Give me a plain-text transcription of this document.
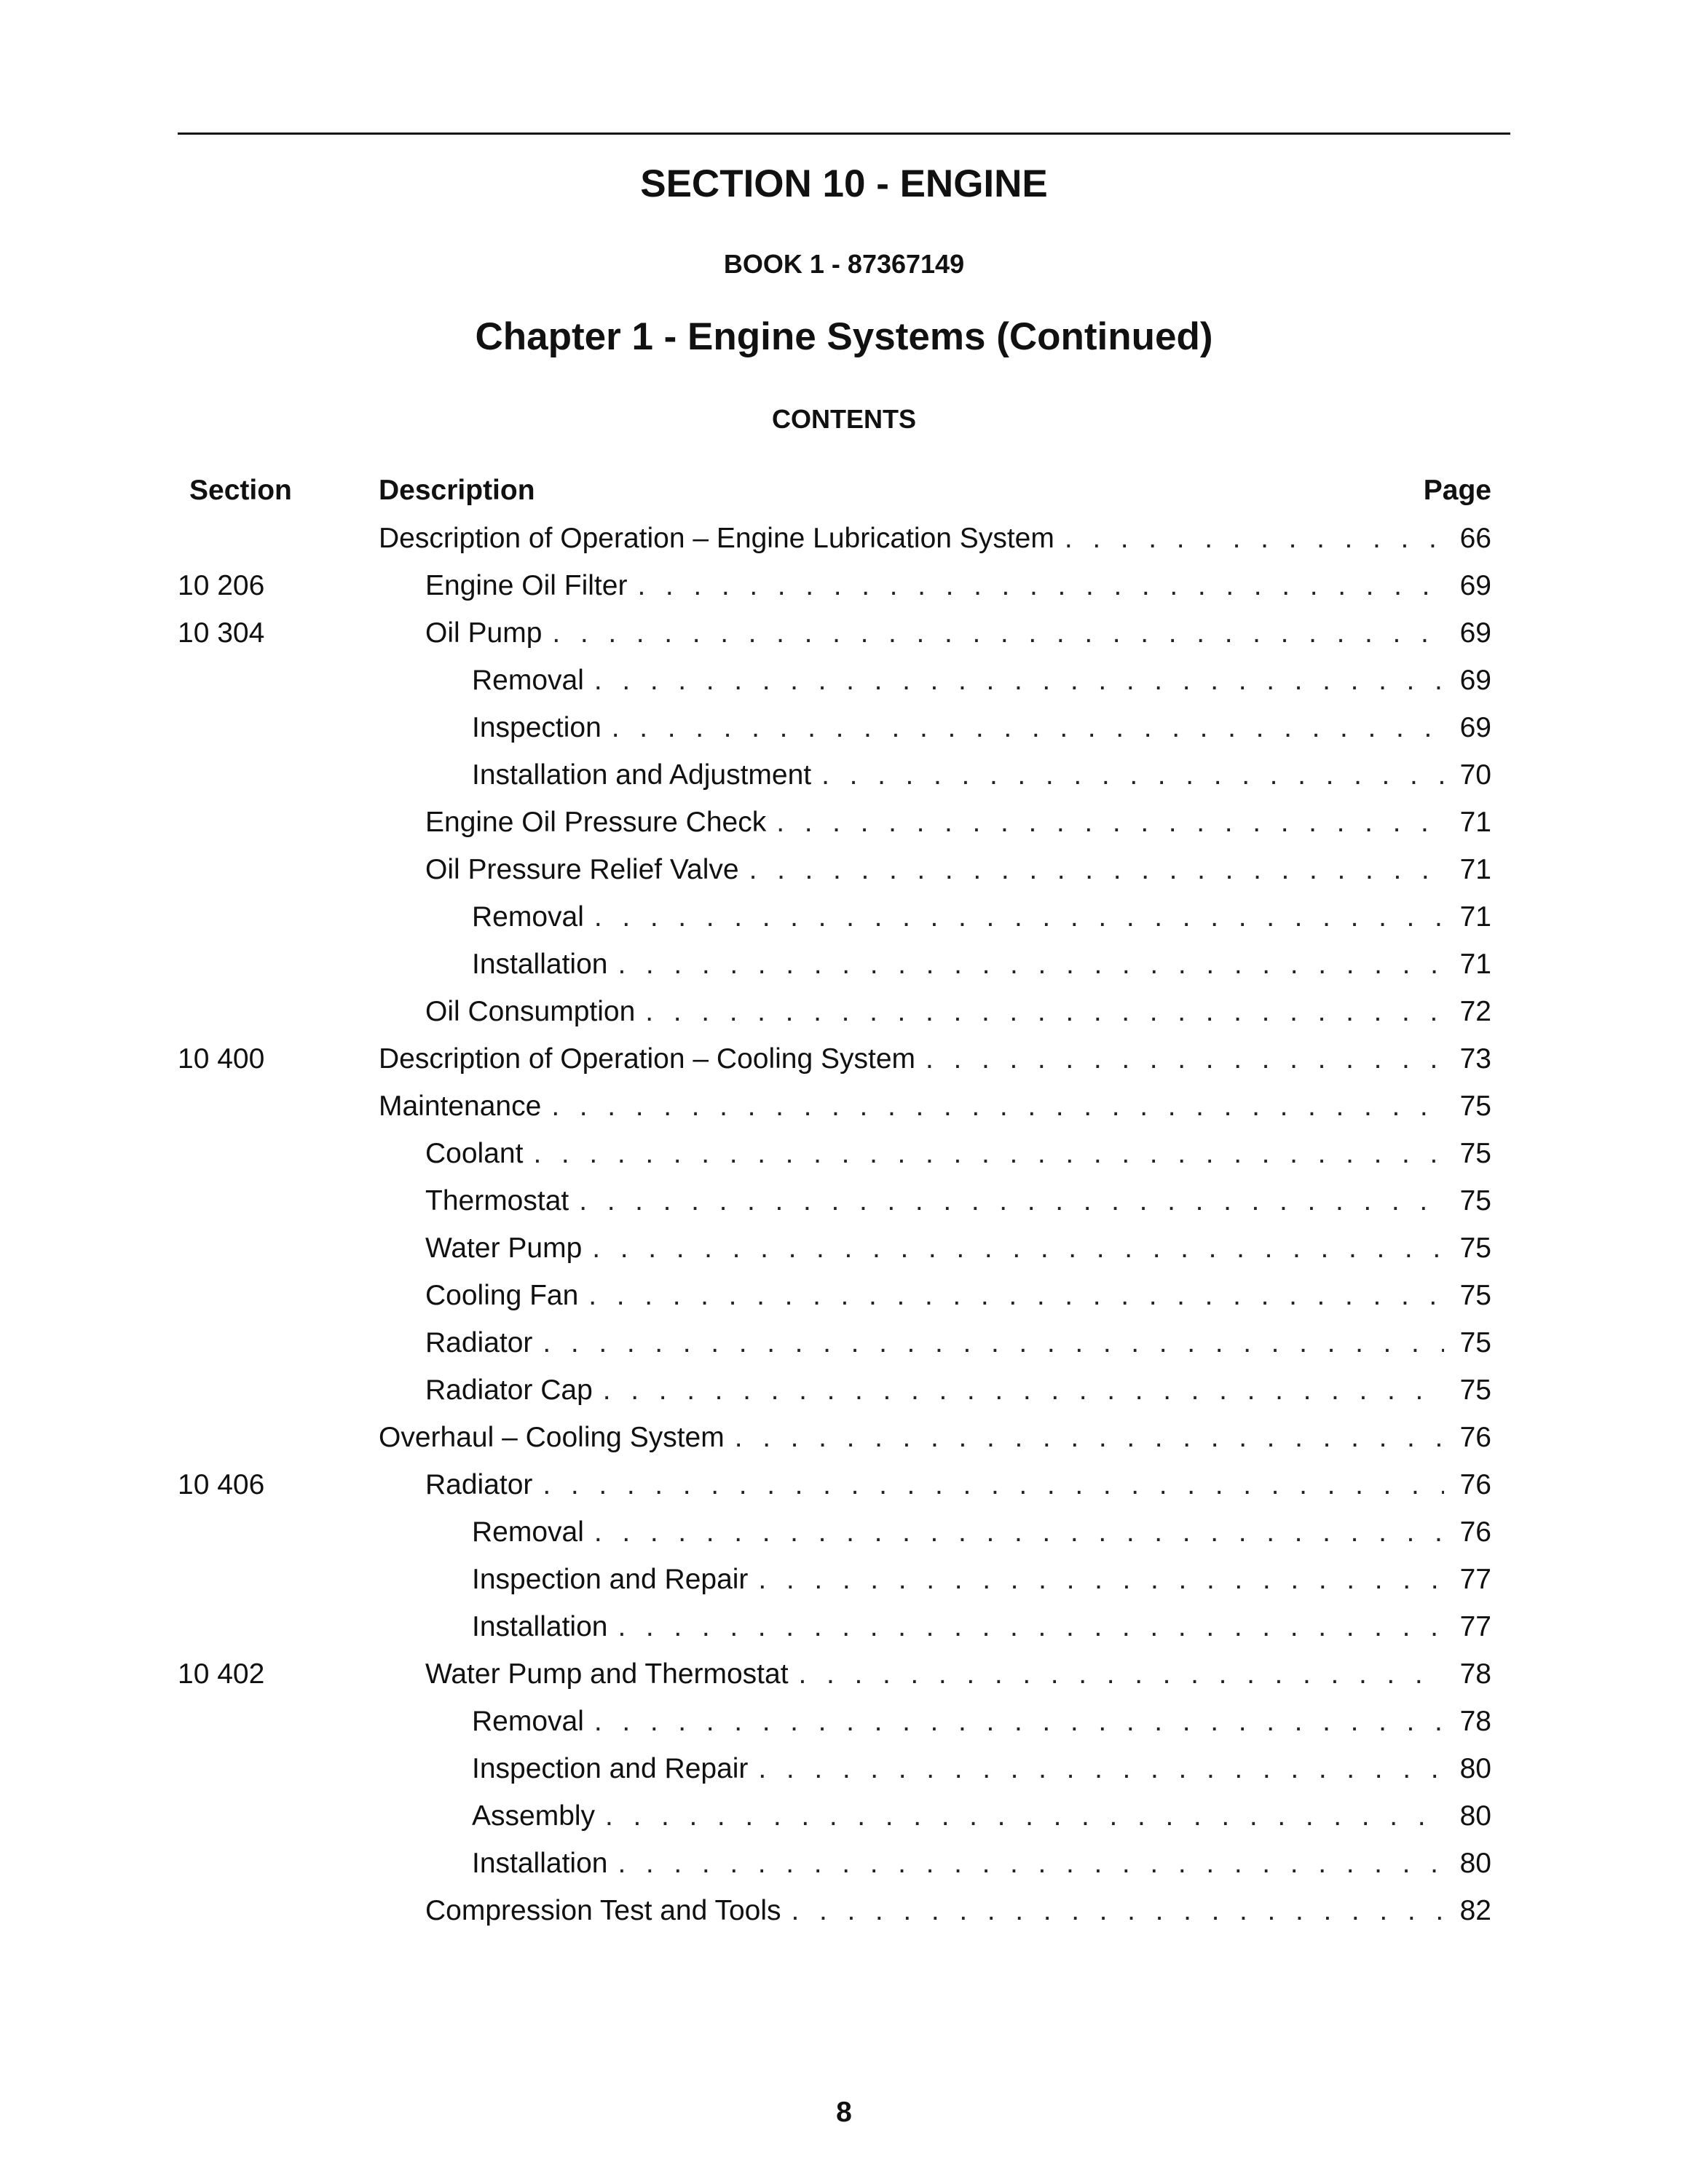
SECTION 10 - ENGINE
BOOK 1 - 87367149
Chapter 1 - Engine Systems (Continued)
CONTENTS
Section	Description	Page
Description of Operation – Engine Lubrication System . . .	66
10 206	Engine Oil Filter . . .	69
10 304	Oil Pump . . .	69
Removal . . .	69
Inspection . . .	69
Installation and Adjustment . . .	70
Engine Oil Pressure Check . . .	71
Oil Pressure Relief Valve . . .	71
Removal . . .	71
Installation . . .	71
Oil Consumption . . .	72
10 400	Description of Operation – Cooling System . . .	73
Maintenance . . .	75
Coolant . . .	75
Thermostat . . .	75
Water Pump . . .	75
Cooling Fan . . .	75
Radiator . . .	75
Radiator Cap . . .	75
Overhaul – Cooling System . . .	76
10 406	Radiator . . .	76
Removal . . .	76
Inspection and Repair . . .	77
Installation . . .	77
10 402	Water Pump and Thermostat . . .	78
Removal . . .	78
Inspection and Repair . . .	80
Assembly . . .	80
Installation . . .	80
Compression Test and Tools . . .	82
8
